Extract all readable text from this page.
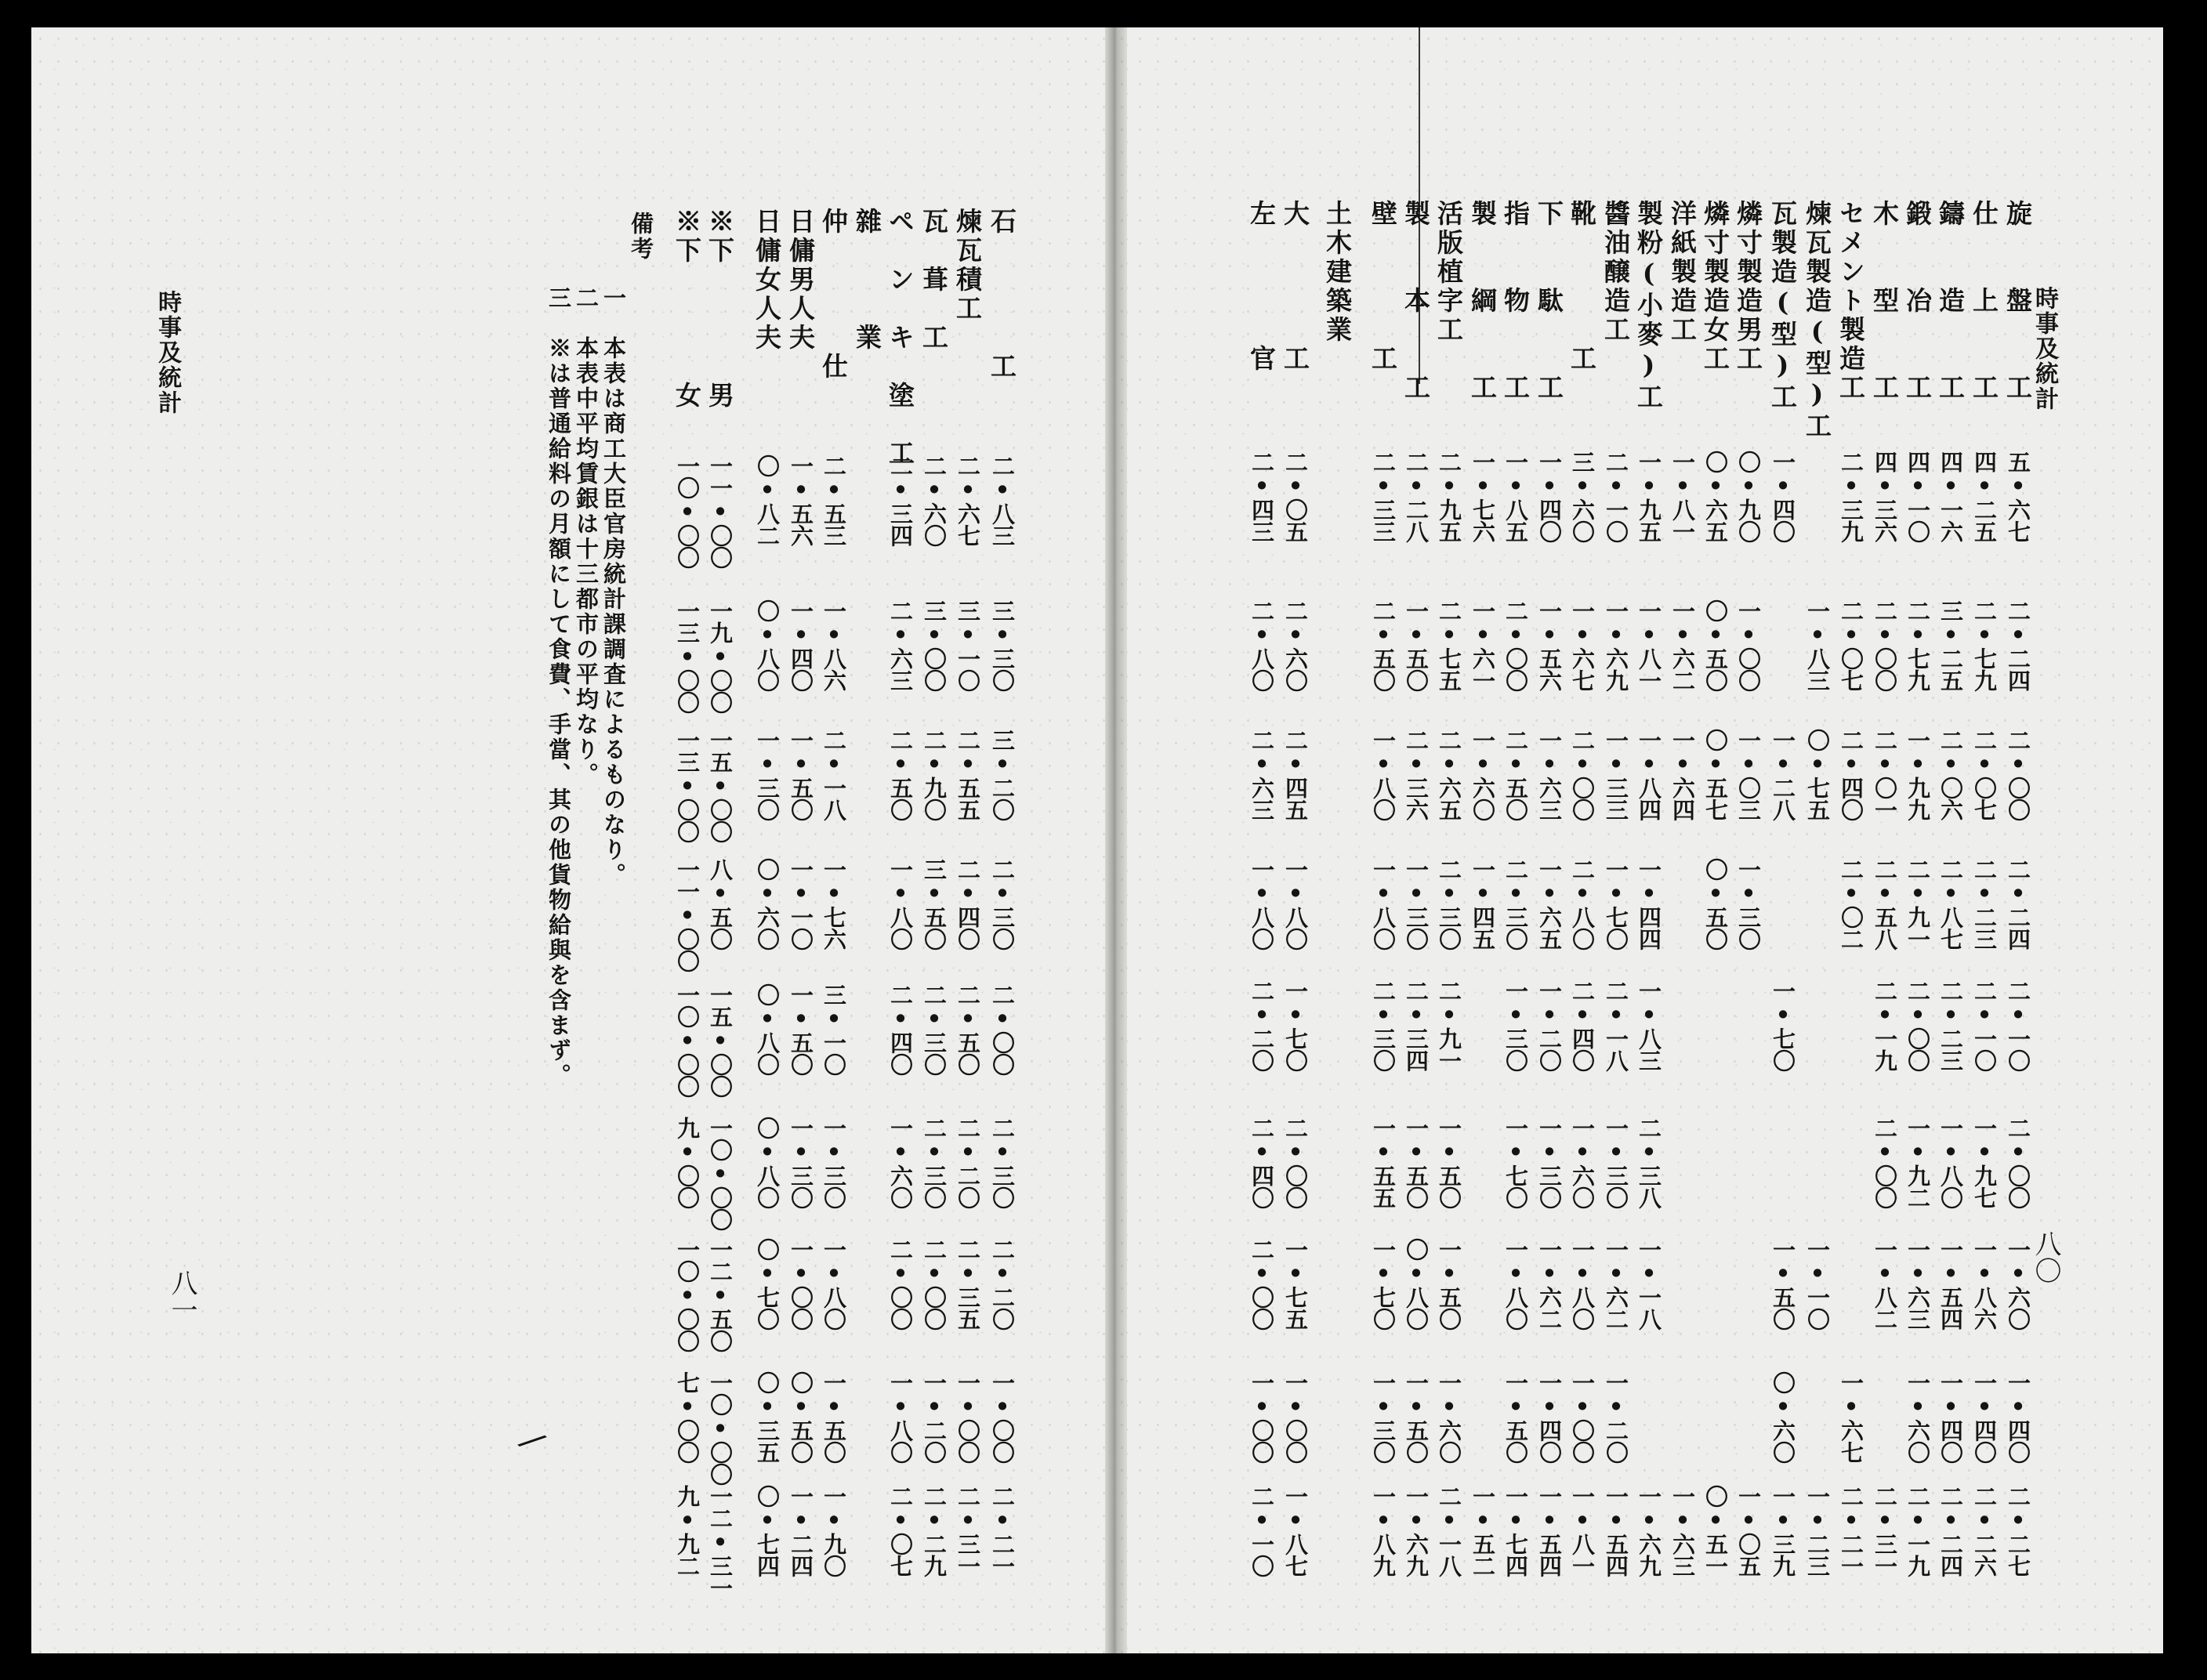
時事及統計
八一
石　　　　工
二•八三
三•三〇
三•二〇
二•三〇
二•〇〇
二•三〇
二•二〇
一•〇〇
二•二一
煉瓦積工
二•六七
三•一〇
二•五五
二•四〇
二•五〇
二•二〇
二•三五
一•〇〇
二•三一
瓦　葺　工
二•六〇
三•〇〇
二•九〇
三•五〇
二•三〇
二•三〇
二•〇〇
一•二〇
二•二九
ペ　ン　キ　塗　工
二•三四
二•六三
二•五〇
一•八〇
二•四〇
一•六〇
二•〇〇
一•八〇
二•〇七
雜　　　業
仲　　　　仕
二•五三
一•八六
二•一八
一•七六
三•一〇
一•三〇
一•八〇
一•五〇
一•九〇
日傭男人夫
一•五六
一•四〇
一•五〇
一•一〇
一•五〇
一•三〇
一•〇〇
〇•五〇
一•二四
日傭女人夫
〇•八二
〇•八〇
一•三〇
〇•六〇
〇•八〇
〇•八〇
〇•七〇
〇•三五
〇•七四
※下　　　　男
一一•〇〇
一九•〇〇
一五•〇〇
八•五〇
一五•〇〇
一〇•〇〇
一二•五〇
一〇•〇〇
一二•三一
※下　　　　女
一〇•〇〇
一三•〇〇
一三•〇〇
一一•〇〇
一〇•〇〇
九•〇〇
一〇•〇〇
七•〇〇
九•九二
備考
一　本表は商工大臣官房統計課調査によるものなり。
二　本表中平均賃銀は十三都市の平均なり。
三　※は普通給料の月額にして食費、手當、其の他貨物給與を含まず。
⁄
時事及統計
八〇
旋　　盤　　工
五•六七
二•二四
二•〇〇
二•二四
二•一〇
二•〇〇
一•六〇
一•四〇
二•二七
仕　　上　　工
四•二五
二•七九
二•〇七
二•二三
二•一〇
一•九七
一•八六
一•四〇
二•二六
鑄　　造　　工
四•一六
三•二五
二•〇六
二•八七
二•二三
一•八〇
一•五四
一•四〇
二•二四
鍛　　冶　　工
四•一〇
二•七九
一•九九
二•九一
二•〇〇
一•九二
一•六三
一•六〇
二•一九
木　　型　　工
四•三六
二•〇〇
二•〇一
二•五八
二•一九
二•〇〇
一•八二
二•三一
セメント製造工
二•三九
二•〇七
二•四〇
二•〇二
一•六七
二•二一
煉瓦製造(型)工
一•八三
〇•七五
一•一〇
一•二三
瓦製造(型)工
一•四〇
一•二八
一•七〇
一•五〇
〇•六〇
一•三九
燐寸製造男工
〇•九〇
一•〇〇
一•〇三
一•三〇
一•〇五
燐寸製造女工
〇•六五
〇•五〇
〇•五七
〇•五〇
〇•五一
洋紙製造工
一•八一
一•六二
一•六四
一•六三
製粉(小麥)工
一•九五
一•八一
一•八四
一•四四
一•八三
二•三八
一•一八
一•六九
醬油醸造工
二•一〇
一•六九
一•三三
一•七〇
二•一八
一•三〇
一•六二
一•二〇
一•五四
靴　　　　工
三•六〇
一•六七
二•〇〇
二•八〇
二•四〇
一•六〇
一•八〇
一•〇〇
一•八一
下　　駄　　工
一•四〇
一•五六
一•六三
一•六五
一•二〇
一•三〇
一•六二
一•四〇
一•五四
指　　物　　工
一•八五
二•〇〇
二•五〇
二•三〇
一•三〇
一•七〇
一•八〇
一•五〇
一•七四
製　　綱　　工
一•七六
一•六一
一•六〇
一•四五
一•五二
活版植字工
二•九五
二•七五
二•六五
二•三〇
二•九一
一•五〇
一•五〇
一•六〇
二•一八
製　　本　　工
二•二八
一•五〇
二•三六
一•三〇
二•三四
一•五〇
〇•八〇
一•五〇
一•六九
壁　　　　工
二•三三
二•五〇
一•八〇
一•八〇
二•三〇
一•五五
一•七〇
一•三〇
一•八九
土木建築業
大　　　　工
二•〇五
二•六〇
二•四五
一•八〇
一•七〇
二•〇〇
一•七五
一•〇〇
一•八七
左　　　　官
二•四三
二•八〇
二•六三
一•八〇
二•二〇
二•四〇
二•〇〇
一•〇〇
二•一〇
